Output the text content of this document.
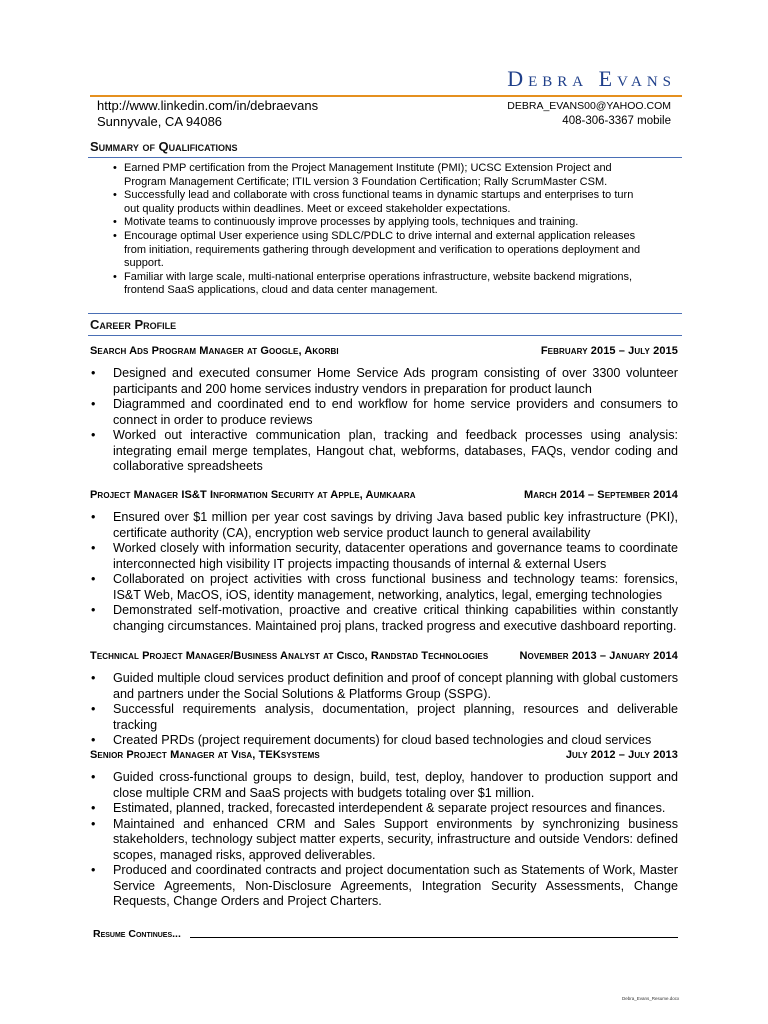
Debra Evans
http://www.linkedin.com/in/debraevans
Sunnyvale, CA 94086
DEBRA_EVANS00@YAHOO.COM
408-306-3367 mobile
Summary of Qualifications
• Earned PMP certification from the Project Management Institute (PMI); UCSC Extension Project and Program Management Certificate; ITIL version 3 Foundation Certification; Rally ScrumMaster CSM.
• Successfully lead and collaborate with cross functional teams in dynamic startups and enterprises to turn out quality products within deadlines. Meet or exceed stakeholder expectations.
• Motivate teams to continuously improve processes by applying tools, techniques and training.
• Encourage optimal User experience using SDLC/PDLC to drive internal and external application releases from initiation, requirements gathering through development and verification to operations deployment and support.
• Familiar with large scale, multi-national enterprise operations infrastructure, website backend migrations, frontend SaaS applications, cloud and data center management.
Career Profile
Search Ads Program Manager at Google, Akorbi	February 2015 – July 2015
• Designed and executed consumer Home Service Ads program consisting of over 3300 volunteer participants and 200 home services industry vendors in preparation for product launch
• Diagrammed and coordinated end to end workflow for home service providers and consumers to connect in order to produce reviews
• Worked out interactive communication plan, tracking and feedback processes using analysis: integrating email merge templates, Hangout chat, webforms, databases, FAQs, vendor coding and collaborative spreadsheets
Project Manager IS&T Information Security at Apple, Aumkaara	March 2014 – September 2014
• Ensured over $1 million per year cost savings by driving Java based public key infrastructure (PKI), certificate authority (CA), encryption web service product launch to general availability
• Worked closely with information security, datacenter operations and governance teams to coordinate interconnected high visibility IT projects impacting thousands of internal & external Users
• Collaborated on project activities with cross functional business and technology teams: forensics, IS&T Web, MacOS, iOS, identity management, networking, analytics, legal, emerging technologies
• Demonstrated self-motivation, proactive and creative critical thinking capabilities within constantly changing circumstances. Maintained proj plans, tracked progress and executive dashboard reporting.
Technical Project Manager/Business Analyst at Cisco, Randstad Technologies	November 2013 – January 2014
• Guided multiple cloud services product definition and proof of concept planning with global customers and partners under the Social Solutions & Platforms Group (SSPG).
• Successful requirements analysis, documentation, project planning, resources and deliverable tracking
• Created PRDs (project requirement documents) for cloud based technologies and cloud services
Senior Project Manager at Visa, TEKsystems	July 2012 – July 2013
• Guided cross-functional groups to design, build, test, deploy, handover to production support and close multiple CRM and SaaS projects with budgets totaling over $1 million.
• Estimated, planned, tracked, forecasted interdependent & separate project resources and finances.
• Maintained and enhanced CRM and Sales Support environments by synchronizing business stakeholders, technology subject matter experts, security, infrastructure and outside Vendors: defined scopes, managed risks, approved deliverables.
• Produced and coordinated contracts and project documentation such as Statements of Work, Master Service Agreements, Non-Disclosure Agreements, Integration Security Assessments, Change Requests, Change Orders and Project Charters.
Resume Continues...
Debra_Evans_Resume.docx
